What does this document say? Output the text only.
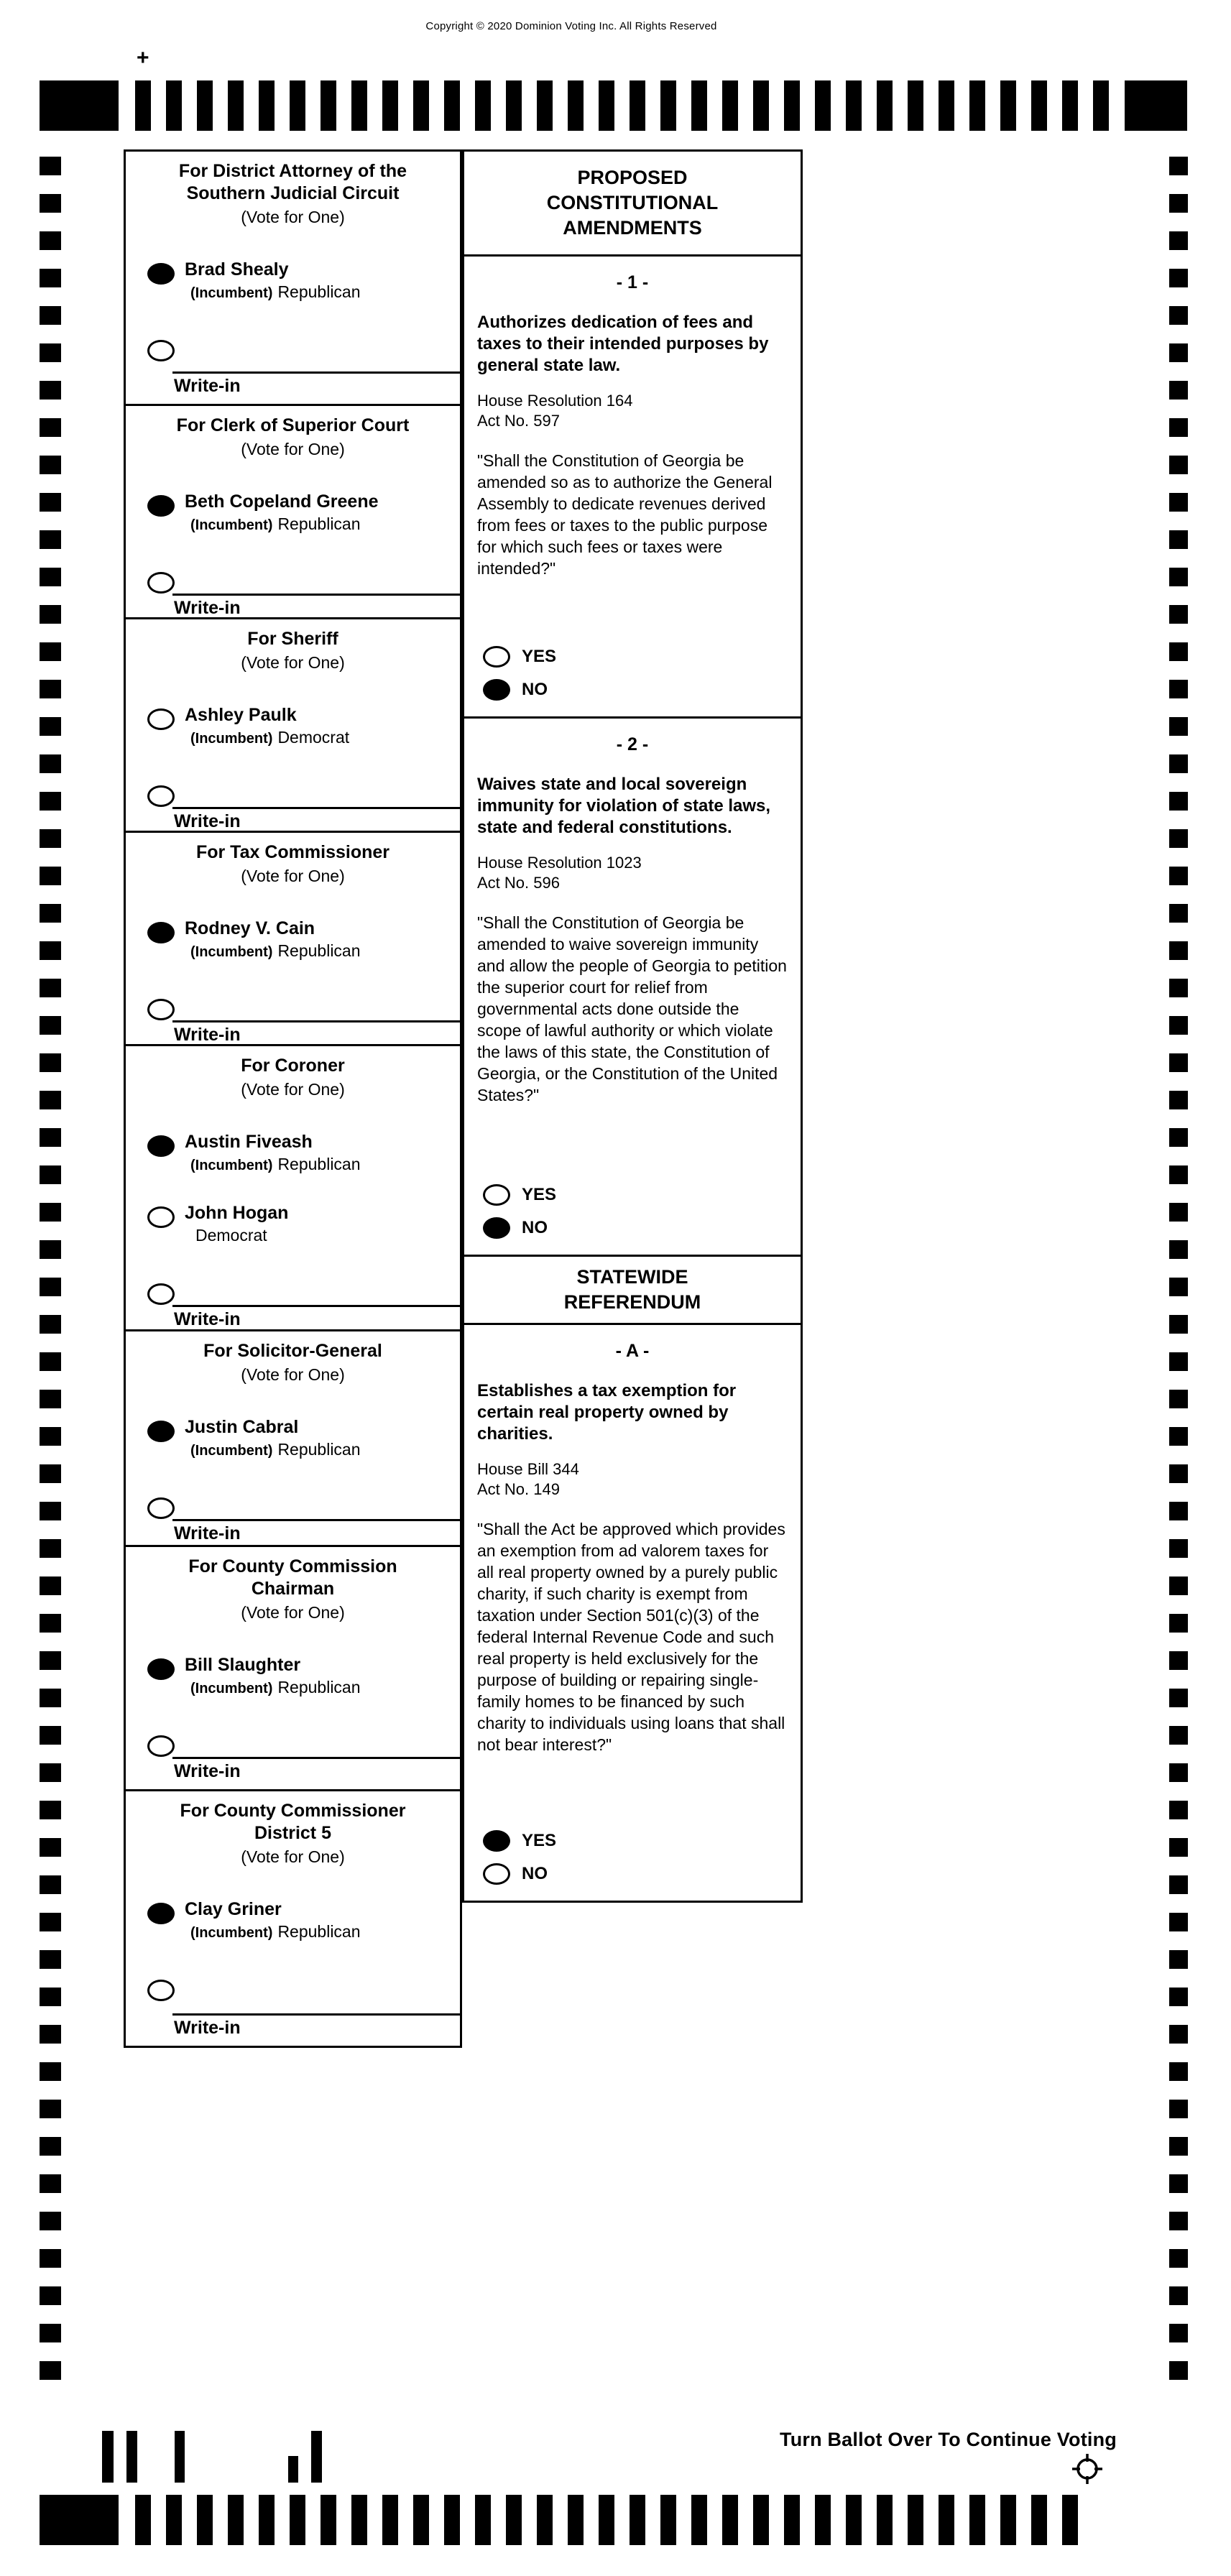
Copyright © 2020 Dominion Voting Inc. All Rights Reserved
+
For District Attorney of the
Southern Judicial Circuit
(Vote for One)
Brad Shealy
(Incumbent) Republican
Write-in
For Clerk of Superior Court
(Vote for One)
Beth Copeland Greene
(Incumbent) Republican
Write-in
For Sheriff
(Vote for One)
Ashley Paulk
(Incumbent) Democrat
Write-in
For Tax Commissioner
(Vote for One)
Rodney V. Cain
(Incumbent) Republican
Write-in
For Coroner
(Vote for One)
Austin Fiveash
(Incumbent) Republican
John Hogan
Democrat
Write-in
For Solicitor-General
(Vote for One)
Justin Cabral
(Incumbent) Republican
Write-in
For County Commission
Chairman
(Vote for One)
Bill Slaughter
(Incumbent) Republican
Write-in
For County Commissioner
District 5
(Vote for One)
Clay Griner
(Incumbent) Republican
Write-in
PROPOSED
CONSTITUTIONAL
AMENDMENTS
- 1 -
Authorizes dedication of fees and taxes to their intended purposes by general state law.
House Resolution 164
Act No. 597
"Shall the Constitution of Georgia be amended so as to authorize the General Assembly to dedicate revenues derived from fees or taxes to the public purpose for which such fees or taxes were intended?"
YES
NO
- 2 -
Waives state and local sovereign immunity for violation of state laws, state and federal constitutions.
House Resolution 1023
Act No. 596
"Shall the Constitution of Georgia be amended to waive sovereign immunity and allow the people of Georgia to petition the superior court for relief from governmental acts done outside the scope of lawful authority or which violate the laws of this state, the Constitution of Georgia, or the Constitution of the United States?"
YES
NO
STATEWIDE
REFERENDUM
- A -
Establishes a tax exemption for certain real property owned by charities.
House Bill 344
Act No. 149
"Shall the Act be approved which provides an exemption from ad valorem taxes for all real property owned by a purely public charity, if such charity is exempt from taxation under Section 501(c)(3) of the federal Internal Revenue Code and such real property is held exclusively for the purpose of building or repairing single-family homes to be financed by such charity to individuals using loans that shall not bear interest?"
YES
NO
51
Turn Ballot Over To Continue Voting
